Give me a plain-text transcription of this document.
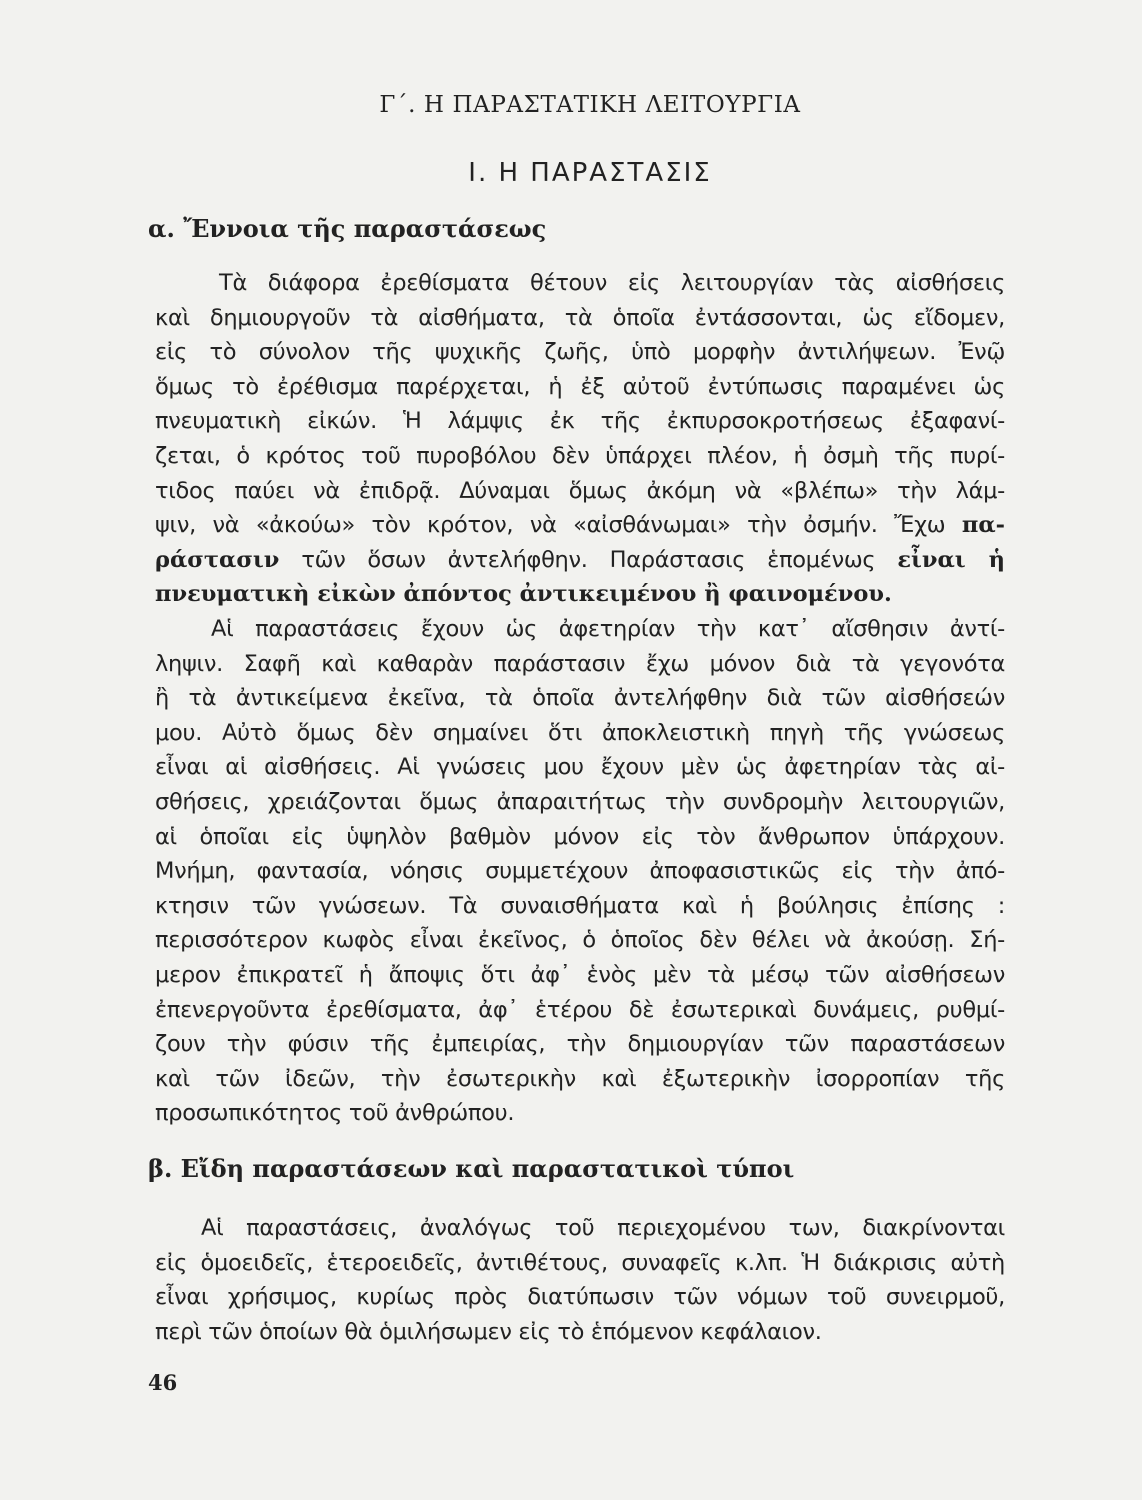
Γ΄. Η ΠΑΡΑΣΤΑΤΙΚΗ ΛΕΙΤΟΥΡΓΙΑ
Ι. Η ΠΑΡΑΣΤΑΣΙΣ
α. Ἔννοια τῆς παραστάσεως
Τὰ διάφορα ἐρεθίσματα θέτουν εἰς λειτουργίαν τὰς αἰσθήσεις
καὶ δημιουργοῦν τὰ αἰσθήματα, τὰ ὁποῖα ἐντάσσονται, ὡς εἴδομεν,
εἰς τὸ σύνολον τῆς ψυχικῆς ζωῆς, ὑπὸ μορφὴν ἀντιλήψεων. Ἐνῷ
ὅμως τὸ ἐρέθισμα παρέρχεται, ἡ ἐξ αὐτοῦ ἐντύπωσις παραμένει ὡς
πνευματικὴ εἰκών. Ἡ λάμψις ἐκ τῆς ἐκπυρσοκροτήσεως ἐξαφανί-
ζεται, ὁ κρότος τοῦ πυροβόλου δὲν ὑπάρχει πλέον, ἡ ὀσμὴ τῆς πυρί-
τιδος παύει νὰ ἐπιδρᾷ. Δύναμαι ὅμως ἀκόμη νὰ «βλέπω» τὴν λάμ-
ψιν, νὰ «ἀκούω» τὸν κρότον, νὰ «αἰσθάνωμαι» τὴν ὀσμήν. Ἔχω πα-
ράστασιν τῶν ὅσων ἀντελήφθην. Παράστασις ἑπομένως εἶναι ἡ
πνευματικὴ εἰκὼν ἀπόντος ἀντικειμένου ἢ φαινομένου.
Αἱ παραστάσεις ἔχουν ὡς ἀφετηρίαν τὴν κατ᾽ αἴσθησιν ἀντί-
ληψιν. Σαφῆ καὶ καθαρὰν παράστασιν ἔχω μόνον διὰ τὰ γεγονότα
ἢ τὰ ἀντικείμενα ἐκεῖνα, τὰ ὁποῖα ἀντελήφθην διὰ τῶν αἰσθήσεών
μου. Αὐτὸ ὅμως δὲν σημαίνει ὅτι ἀποκλειστικὴ πηγὴ τῆς γνώσεως
εἶναι αἱ αἰσθήσεις. Αἱ γνώσεις μου ἔχουν μὲν ὡς ἀφετηρίαν τὰς αἰ-
σθήσεις, χρειάζονται ὅμως ἀπαραιτήτως τὴν συνδρομὴν λειτουργιῶν,
αἱ ὁποῖαι εἰς ὑψηλὸν βαθμὸν μόνον εἰς τὸν ἄνθρωπον ὑπάρχουν.
Μνήμη, φαντασία, νόησις συμμετέχουν ἀποφασιστικῶς εἰς τὴν ἀπό-
κτησιν τῶν γνώσεων. Τὰ συναισθήματα καὶ ἡ βούλησις ἐπίσης :
περισσότερον κωφὸς εἶναι ἐκεῖνος, ὁ ὁποῖος δὲν θέλει νὰ ἀκούσῃ. Σή-
μερον ἐπικρατεῖ ἡ ἄποψις ὅτι ἀφ᾽ ἑνὸς μὲν τὰ μέσῳ τῶν αἰσθήσεων
ἐπενεργοῦντα ἐρεθίσματα, ἀφ᾽ ἑτέρου δὲ ἐσωτερικαὶ δυνάμεις, ρυθμί-
ζουν τὴν φύσιν τῆς ἐμπειρίας, τὴν δημιουργίαν τῶν παραστάσεων
καὶ τῶν ἰδεῶν, τὴν ἐσωτερικὴν καὶ ἐξωτερικὴν ἰσορροπίαν τῆς
προσωπικότητος τοῦ ἀνθρώπου.
β. Εἴδη παραστάσεων καὶ παραστατικοὶ τύποι
Αἱ παραστάσεις, ἀναλόγως τοῦ περιεχομένου των, διακρίνονται
εἰς ὁμοειδεῖς, ἑτεροειδεῖς, ἀντιθέτους, συναφεῖς κ.λπ. Ἡ διάκρισις αὐτὴ
εἶναι χρήσιμος, κυρίως πρὸς διατύπωσιν τῶν νόμων τοῦ συνειρμοῦ,
περὶ τῶν ὁποίων θὰ ὁμιλήσωμεν εἰς τὸ ἑπόμενον κεφάλαιον.
46
